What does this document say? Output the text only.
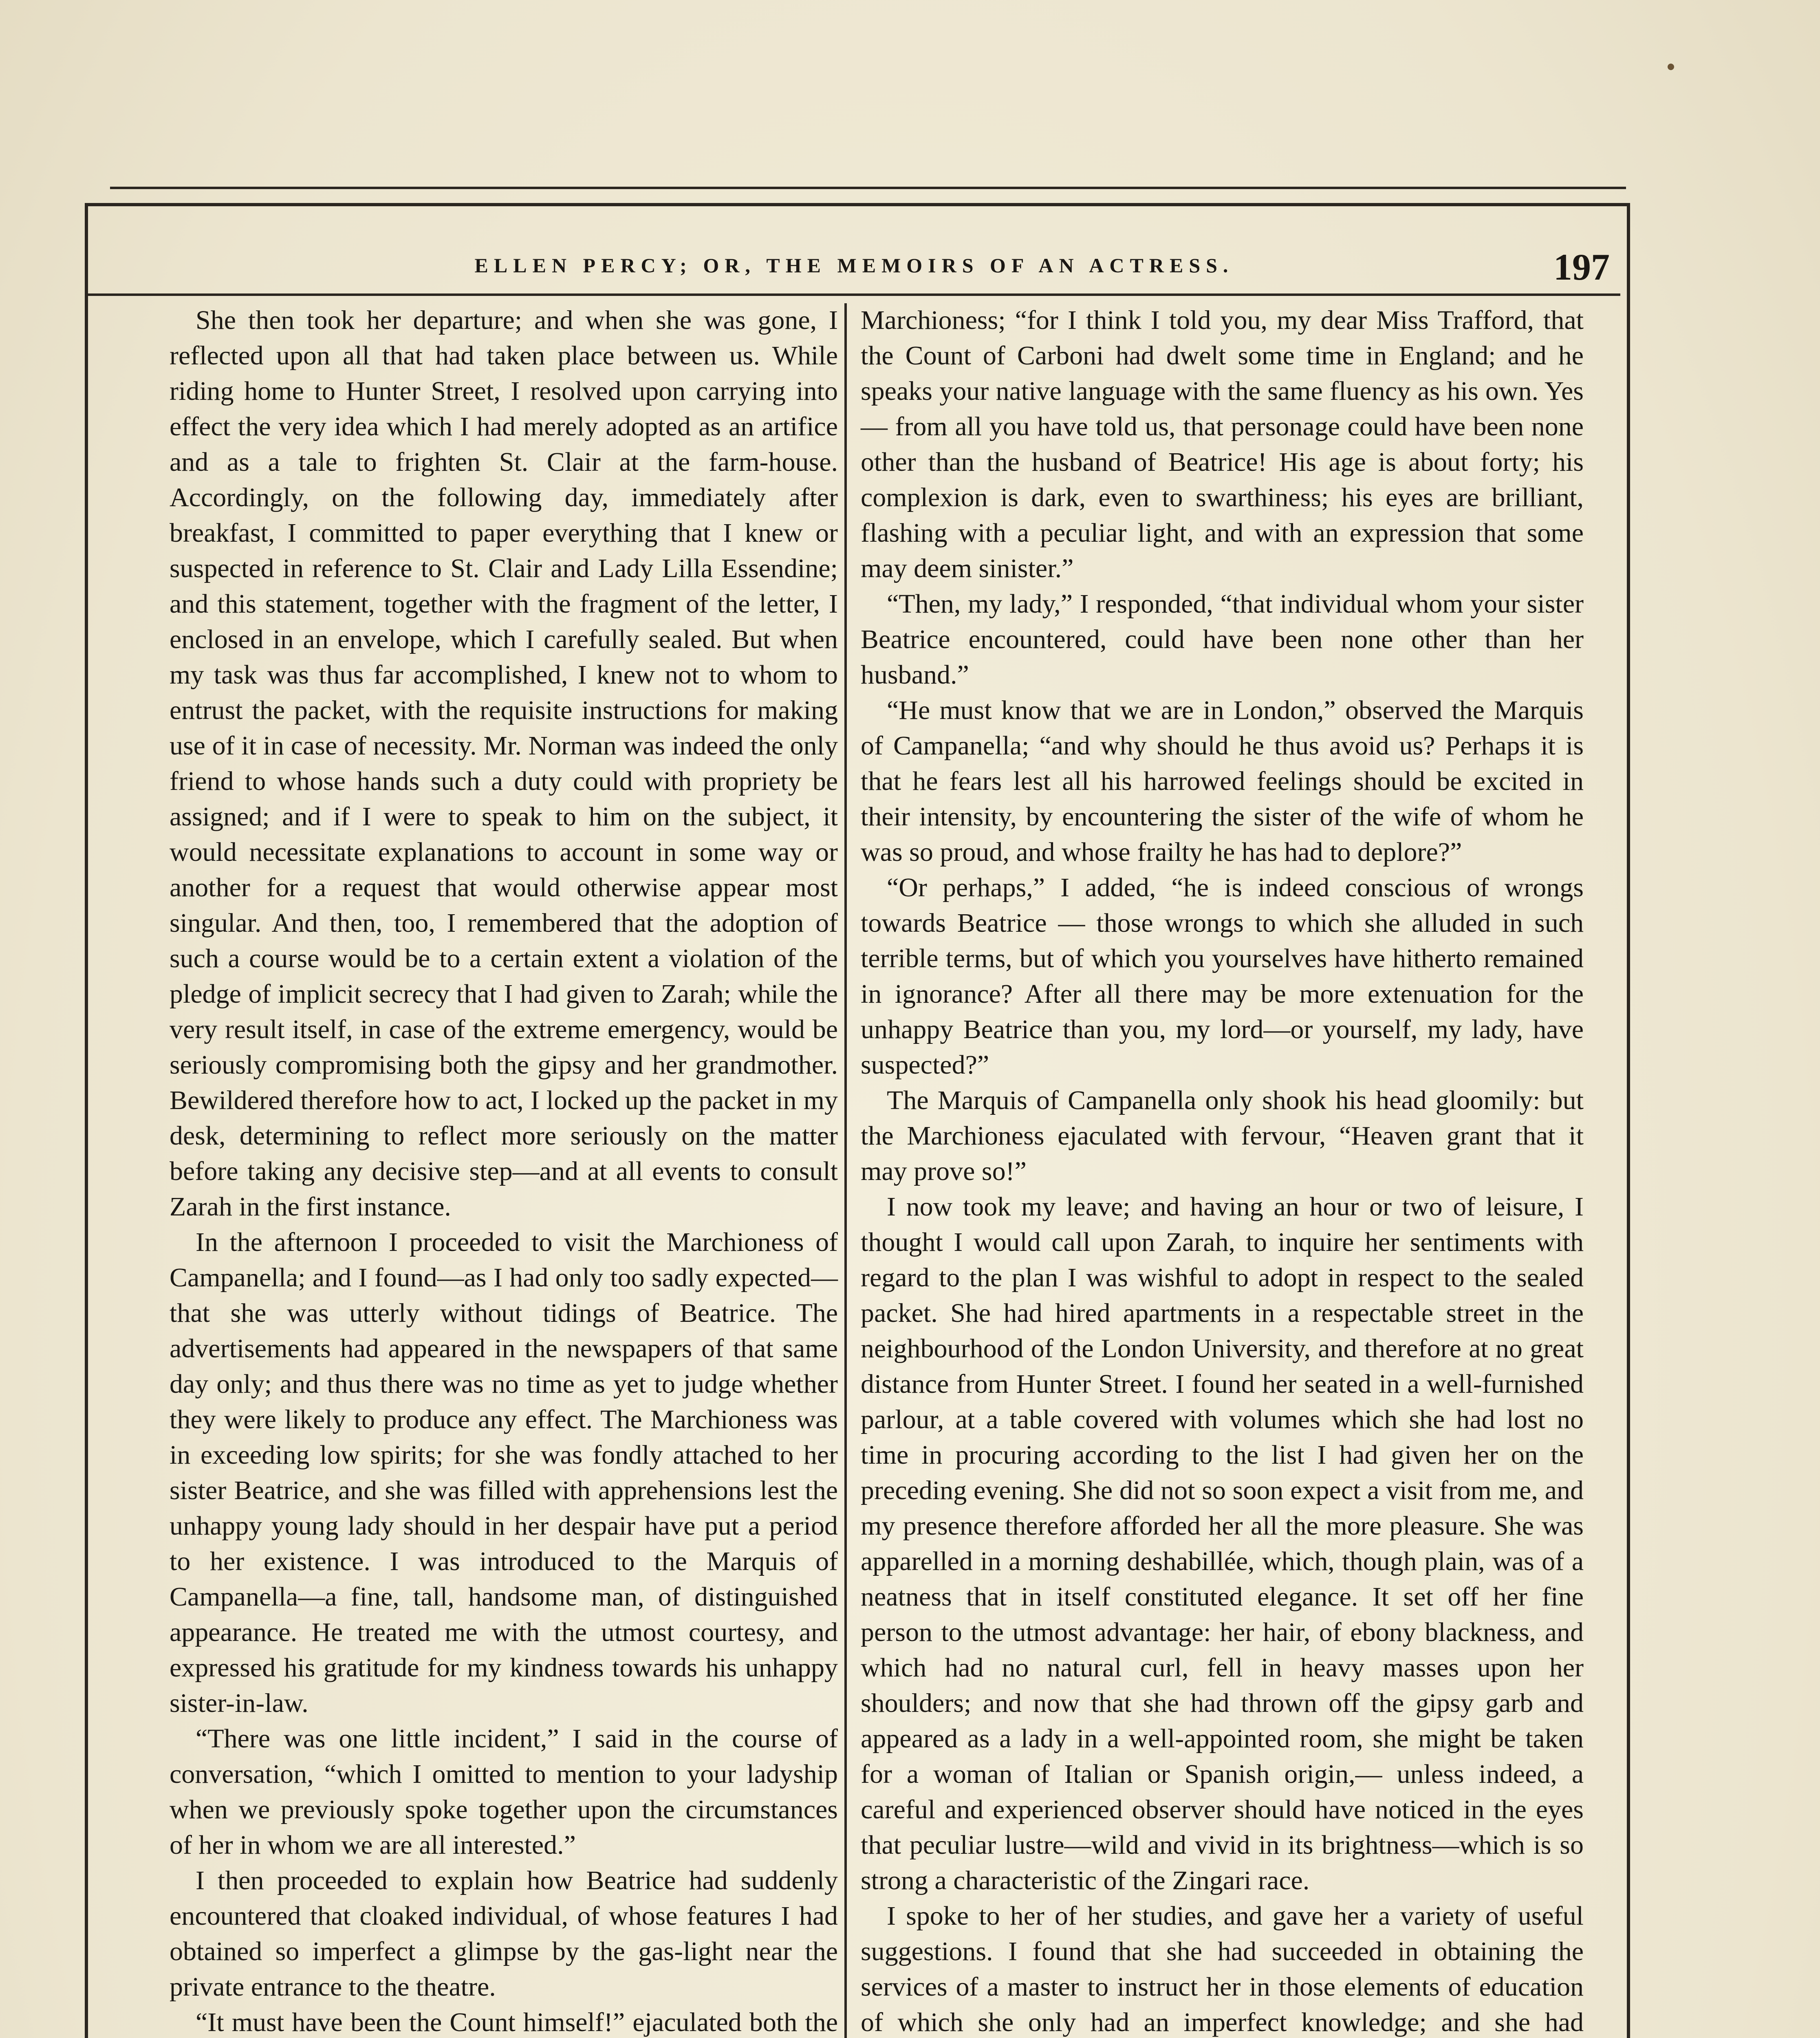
ELLEN PERCY; OR, THE MEMOIRS OF AN ACTRESS.	197

She then took her departure; and when she was gone, I reflected upon all that had taken place between us. While riding home to Hunter Street, I resolved upon carrying into effect the very idea which I had merely adopted as an artifice and as a tale to frighten St. Clair at the farm-house. Accordingly, on the following day, immediately after breakfast, I committed to paper everything that I knew or suspected in reference to St. Clair and Lady Lilla Essendine; and this statement, together with the fragment of the letter, I enclosed in an envelope, which I carefully sealed. But when my task was thus far accomplished, I knew not to whom to entrust the packet, with the requisite instructions for making use of it in case of necessity. Mr. Norman was indeed the only friend to whose hands such a duty could with propriety be assigned; and if I were to speak to him on the subject, it would necessitate explanations to account in some way or another for a request that would otherwise appear most singular. And then, too, I remembered that the adoption of such a course would be to a certain extent a violation of the pledge of implicit secrecy that I had given to Zarah; while the very result itself, in case of the extreme emergency, would be seriously compromising both the gipsy and her grandmother. Bewildered therefore how to act, I locked up the packet in my desk, determining to reflect more seriously on the matter before taking any decisive step—and at all events to consult Zarah in the first instance.

In the afternoon I proceeded to visit the Marchioness of Campanella; and I found—as I had only too sadly expected—that she was utterly without tidings of Beatrice. The advertisements had appeared in the newspapers of that same day only; and thus there was no time as yet to judge whether they were likely to produce any effect. The Marchioness was in exceeding low spirits; for she was fondly attached to her sister Beatrice, and she was filled with apprehensions lest the unhappy young lady should in her despair have put a period to her existence. I was introduced to the Marquis of Campanella—a fine, tall, handsome man, of distinguished appearance. He treated me with the utmost courtesy, and expressed his gratitude for my kindness towards his unhappy sister-in-law.

“There was one little incident,” I said in the course of conversation, “which I omitted to mention to your ladyship when we previously spoke together upon the circumstances of her in whom we are all interested.”

I then proceeded to explain how Beatrice had suddenly encountered that cloaked individual, of whose features I had obtained so imperfect a glimpse by the gas-light near the private entrance to the theatre.

“It must have been the Count himself!” ejaculated both the

Marchioness; “for I think I told you, my dear Miss Trafford, that the Count of Carboni had dwelt some time in England; and he speaks your native language with the same fluency as his own. Yes — from all you have told us, that personage could have been none other than the husband of Beatrice! His age is about forty; his complexion is dark, even to swarthiness; his eyes are brilliant, flashing with a peculiar light, and with an expression that some may deem sinister.”

“Then, my lady,” I responded, “that individual whom your sister Beatrice encountered, could have been none other than her husband.”

“He must know that we are in London,” observed the Marquis of Campanella; “and why should he thus avoid us? Perhaps it is that he fears lest all his harrowed feelings should be excited in their intensity, by encountering the sister of the wife of whom he was so proud, and whose frailty he has had to deplore?”

“Or perhaps,” I added, “he is indeed conscious of wrongs towards Beatrice — those wrongs to which she alluded in such terrible terms, but of which you yourselves have hitherto remained in ignorance? After all there may be more extenuation for the unhappy Beatrice than you, my lord—or yourself, my lady, have suspected?”

The Marquis of Campanella only shook his head gloomily: but the Marchioness ejaculated with fervour, “Heaven grant that it may prove so!”

I now took my leave; and having an hour or two of leisure, I thought I would call upon Zarah, to inquire her sentiments with regard to the plan I was wishful to adopt in respect to the sealed packet. She had hired apartments in a respectable street in the neighbourhood of the London University, and therefore at no great distance from Hunter Street. I found her seated in a well-furnished parlour, at a table covered with volumes which she had lost no time in procuring according to the list I had given her on the preceding evening. She did not so soon expect a visit from me, and my presence therefore afforded her all the more pleasure. She was apparelled in a morning deshabillée, which, though plain, was of a neatness that in itself constituted elegance. It set off her fine person to the utmost advantage: her hair, of ebony blackness, and which had no natural curl, fell in heavy masses upon her shoulders; and now that she had thrown off the gipsy garb and appeared as a lady in a well-appointed room, she might be taken for a woman of Italian or Spanish origin,— unless indeed, a careful and experienced observer should have noticed in the eyes that peculiar lustre—wild and vivid in its brightness—which is so strong a characteristic of the Zingari race.

I spoke to her of her studies, and gave her a variety of useful suggestions. I found that she had succeeded in obtaining the services of a master to instruct her in those elements of education of which she only had an imperfect knowledge; and she had
